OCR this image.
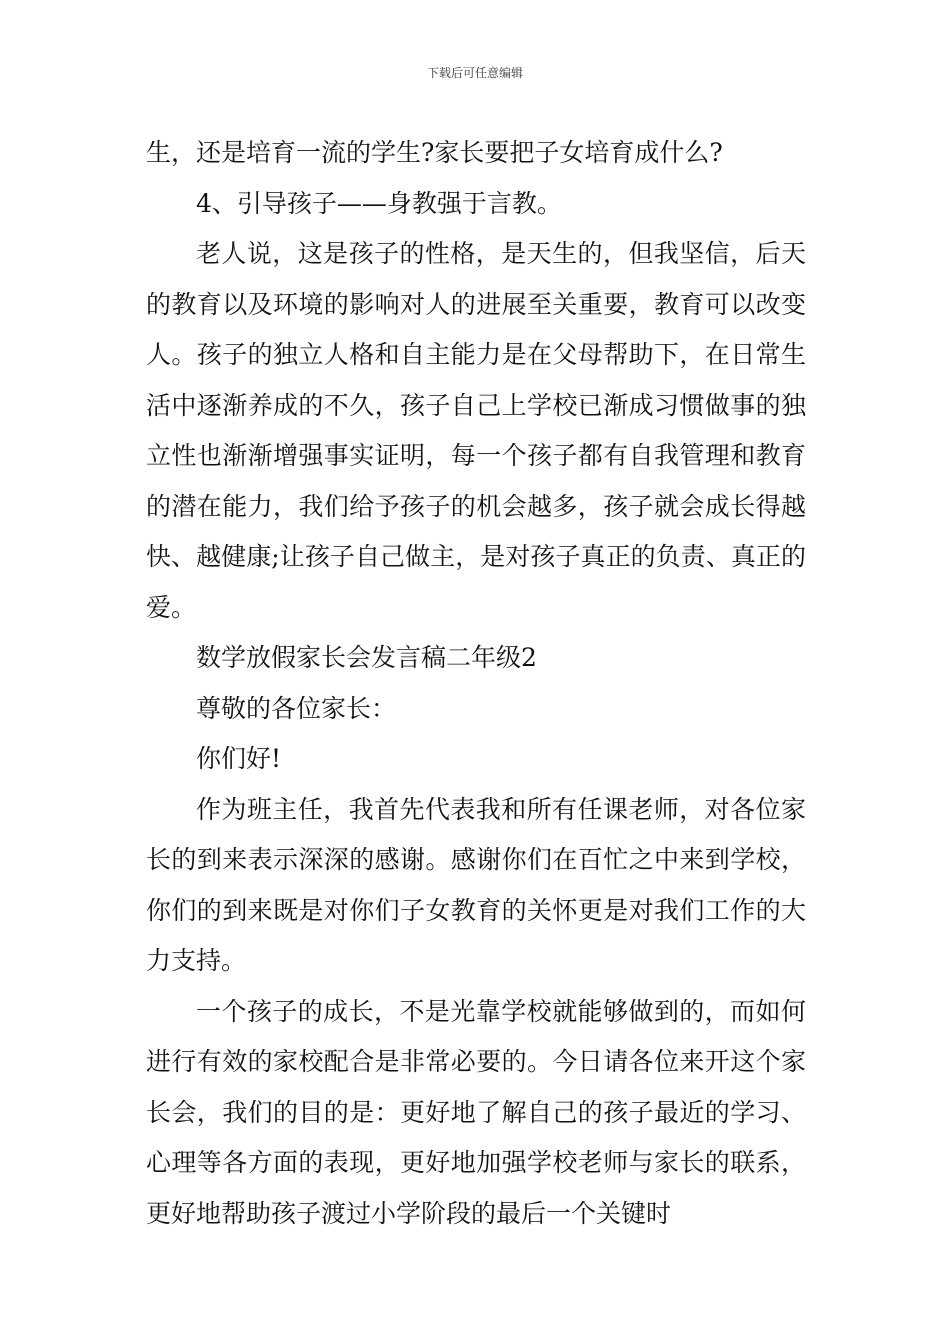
下载后可任意编辑

生，还是培育一流的学生?家长要把子女培育成什么?

4、引导孩子——身教强于言教。

老人说，这是孩子的性格，是天生的，但我坚信，后天的教育以及环境的影响对人的进展至关重要，教育可以改变人。孩子的独立人格和自主能力是在父母帮助下，在日常生活中逐渐养成的不久，孩子自己上学校已渐成习惯做事的独立性也渐渐增强事实证明，每一个孩子都有自我管理和教育的潜在能力，我们给予孩子的机会越多，孩子就会成长得越快、越健康;让孩子自己做主，是对孩子真正的负责、真正的爱。

数学放假家长会发言稿二年级2

尊敬的各位家长：

你们好!

作为班主任，我首先代表我和所有任课老师，对各位家长的到来表示深深的感谢。感谢你们在百忙之中来到学校，你们的到来既是对你们子女教育的关怀更是对我们工作的大力支持。

一个孩子的成长，不是光靠学校就能够做到的，而如何进行有效的家校配合是非常必要的。今日请各位来开这个家长会，我们的目的是：更好地了解自己的孩子最近的学习、心理等各方面的表现，更好地加强学校老师与家长的联系，更好地帮助孩子渡过小学阶段的最后一个关键时
